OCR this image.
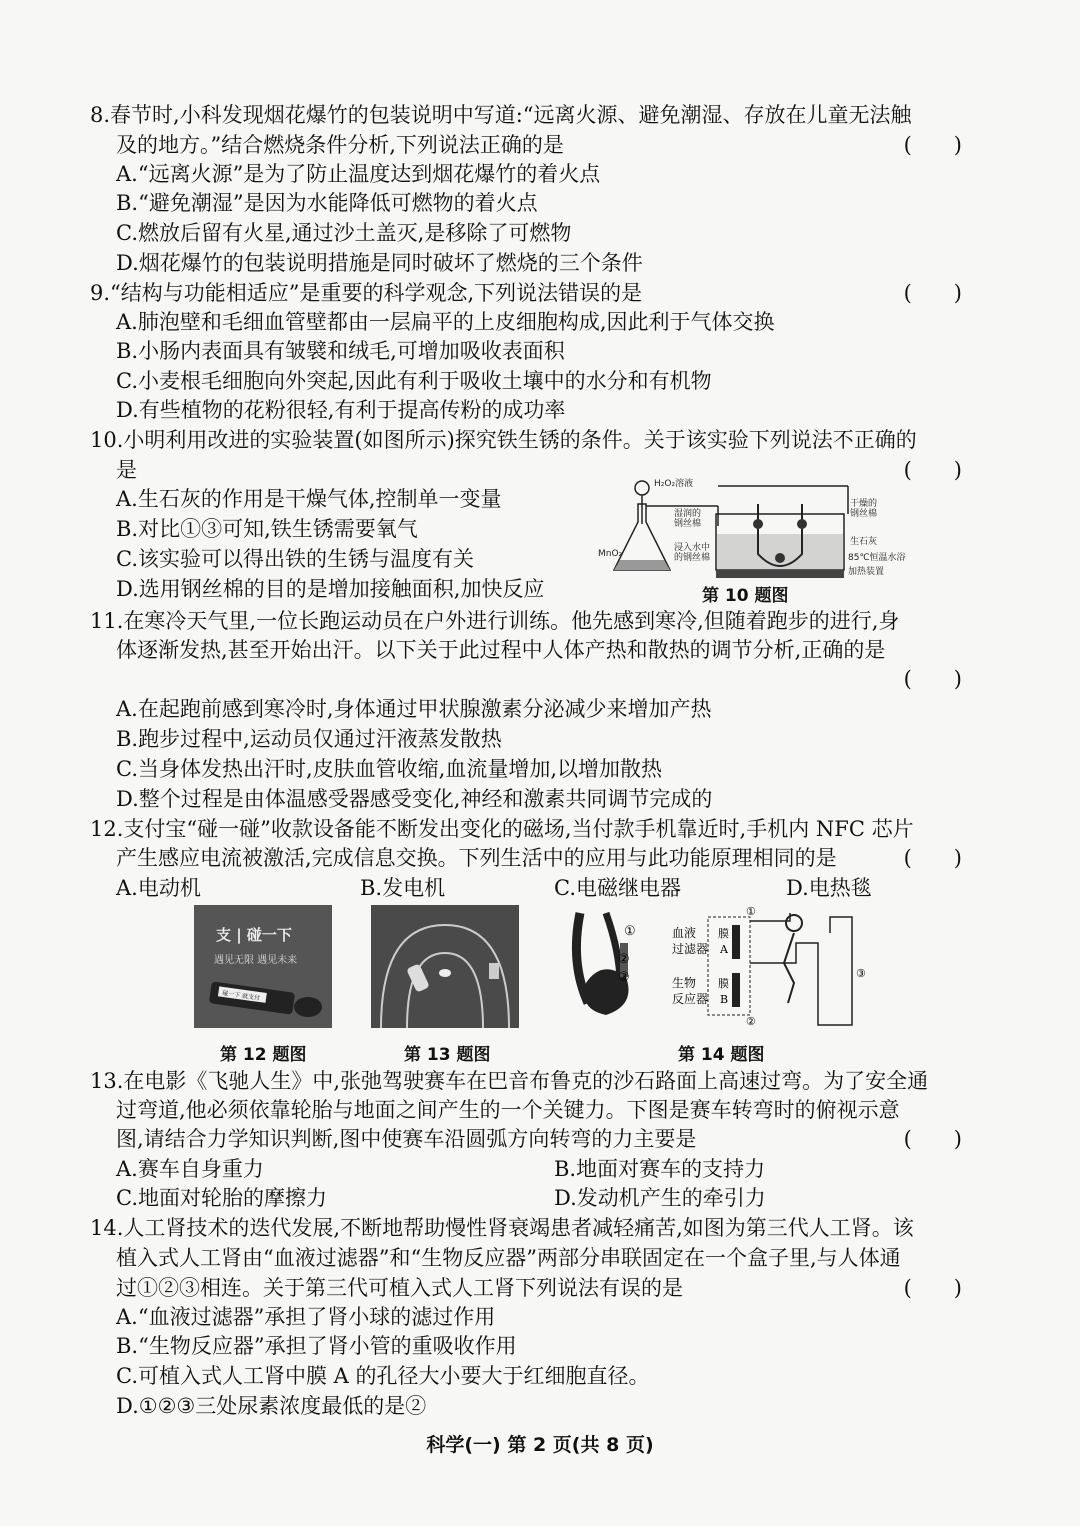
8.春节时,小科发现烟花爆竹的包装说明中写道:“远离火源、避免潮湿、存放在儿童无法触
及的地方。”结合燃烧条件分析,下列说法正确的是	(　　)
A.“远离火源”是为了防止温度达到烟花爆竹的着火点
B.“避免潮湿”是因为水能降低可燃物的着火点
C.燃放后留有火星,通过沙土盖灭,是移除了可燃物
D.烟花爆竹的包装说明措施是同时破坏了燃烧的三个条件
9.“结构与功能相适应”是重要的科学观念,下列说法错误的是	(　　)
A.肺泡壁和毛细血管壁都由一层扁平的上皮细胞构成,因此利于气体交换
B.小肠内表面具有皱襞和绒毛,可增加吸收表面积
C.小麦根毛细胞向外突起,因此有利于吸收土壤中的水分和有机物
D.有些植物的花粉很轻,有利于提高传粉的成功率
10.小明利用改进的实验装置(如图所示)探究铁生锈的条件。关于该实验下列说法不正确的
是	(　　)
A.生石灰的作用是干燥气体,控制单一变量
B.对比①③可知,铁生锈需要氧气
C.该实验可以得出铁的生锈与温度有关
D.选用钢丝棉的目的是增加接触面积,加快反应
H₂O₂溶液
MnO₂
湿润的
钢丝棉
干燥的
钢丝棉
生石灰
浸入水中
的钢丝棉	85℃恒温水浴
加热装置
第 10 题图
11.在寒冷天气里,一位长跑运动员在户外进行训练。他先感到寒冷,但随着跑步的进行,身
体逐渐发热,甚至开始出汗。以下关于此过程中人体产热和散热的调节分析,正确的是
(　　)
A.在起跑前感到寒冷时,身体通过甲状腺激素分泌减少来增加产热
B.跑步过程中,运动员仅通过汗液蒸发散热
C.当身体发热出汗时,皮肤血管收缩,血流量增加,以增加散热
D.整个过程是由体温感受器感受变化,神经和激素共同调节完成的
12.支付宝“碰一碰”收款设备能不断发出变化的磁场,当付款手机靠近时,手机内 NFC 芯片
产生感应电流被激活,完成信息交换。下列生活中的应用与此功能原理相同的是	(　　)
A.电动机	B.发电机	C.电磁继电器	D.电热毯
支 | 碰一下
遇见无限 遇见未来
碰一下 就支付
第 12 题图	第 13 题图
①
②
③
血液
过滤器
生物
反应器
膜
A
膜
B
①
②
③
第 14 题图
13.在电影《飞驰人生》中,张弛驾驶赛车在巴音布鲁克的沙石路面上高速过弯。为了安全通
过弯道,他必须依靠轮胎与地面之间产生的一个关键力。下图是赛车转弯时的俯视示意
图,请结合力学知识判断,图中使赛车沿圆弧方向转弯的力主要是	(　　)
A.赛车自身重力	B.地面对赛车的支持力
C.地面对轮胎的摩擦力	D.发动机产生的牵引力
14.人工肾技术的迭代发展,不断地帮助慢性肾衰竭患者减轻痛苦,如图为第三代人工肾。该
植入式人工肾由“血液过滤器”和“生物反应器”两部分串联固定在一个盒子里,与人体通
过①②③相连。关于第三代可植入式人工肾下列说法有误的是	(　　)
A.“血液过滤器”承担了肾小球的滤过作用
B.“生物反应器”承担了肾小管的重吸收作用
C.可植入式人工肾中膜 A 的孔径大小要大于红细胞直径。
D.①②③三处尿素浓度最低的是②
科学(一) 第 2 页(共 8 页)
